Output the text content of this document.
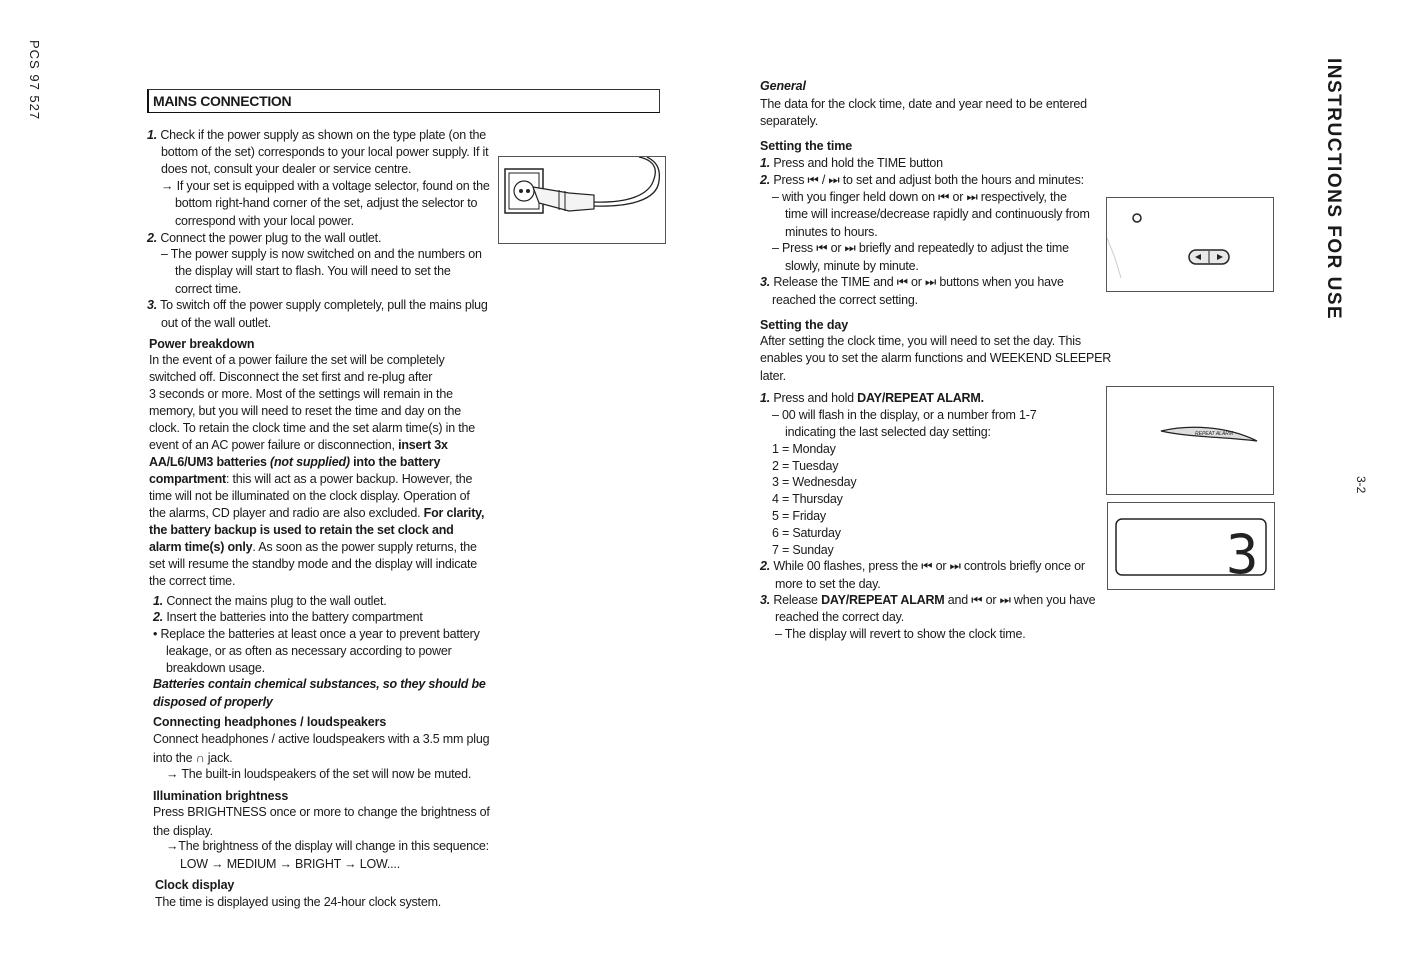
PCS 97 527	INSTRUCTIONS FOR USE
3-2
MAINS CONNECTION
1. Check if the power supply as shown on the type plate (on the
bottom of the set) corresponds to your local power supply. If it
does not, consult your dealer or service centre.
→ If your set is equipped with a voltage selector, found on the
bottom right-hand corner of the set, adjust the selector to
correspond with your local power.
2. Connect the power plug to the wall outlet.
– The power supply is now switched on and the numbers on
the display will start to flash. You will need to set the
correct time.
3. To switch off the power supply completely, pull the mains plug
out of the wall outlet.
Power breakdown
In the event of a power failure the set will be completely
switched off. Disconnect the set first and re-plug after
3 seconds or more. Most of the settings will remain in the
memory, but you will need to reset the time and day on the
clock. To retain the clock time and the set alarm time(s) in the
event of an AC power failure or disconnection, insert 3x
AA/L6/UM3 batteries (not supplied) into the battery
compartment: this will act as a power backup. However, the
time will not be illuminated on the clock display. Operation of
the alarms, CD player and radio are also excluded. For clarity,
the battery backup is used to retain the set clock and
alarm time(s) only. As soon as the power supply returns, the
set will resume the standby mode and the display will indicate
the correct time.
1. Connect the mains plug to the wall outlet.
2. Insert the batteries into the battery compartment
• Replace the batteries at least once a year to prevent battery
leakage, or as often as necessary according to power
breakdown usage.
Batteries contain chemical substances, so they should be
disposed of properly
Connecting headphones / loudspeakers
Connect headphones / active loudspeakers with a 3.5 mm plug
into the ∩ jack.
→ The built-in loudspeakers of the set will now be muted.
Illumination brightness
Press BRIGHTNESS once or more to change the brightness of
the display.
→The brightness of the display will change in this sequence:
LOW → MEDIUM → BRIGHT → LOW....
Clock display
The time is displayed using the 24-hour clock system.
General
The data for the clock time, date and year need to be entered
separately.
Setting the time
1. Press and hold the TIME button
2. Press ⏮ / ⏭ to set and adjust both the hours and minutes:
– with you finger held down on ⏮ or ⏭ respectively, the
time will increase/decrease rapidly and continuously from
minutes to hours.
– Press ⏮ or ⏭ briefly and repeatedly to adjust the time
slowly, minute by minute.
3. Release the TIME and ⏮ or ⏭ buttons when you have
reached the correct setting.
Setting the day
After setting the clock time, you will need to set the day. This
enables you to set the alarm functions and WEEKEND SLEEPER
later.
1. Press and hold DAY/REPEAT ALARM.
– 00 will flash in the display, or a number from 1-7
indicating the last selected day setting:
1 = Monday
2 = Tuesday
3 = Wednesday
4 = Thursday
5 = Friday
6 = Saturday
7 = Sunday
2. While 00 flashes, press the ⏮ or ⏭ controls briefly once or
more to set the day.
3. Release DAY/REPEAT ALARM and ⏮ or ⏭ when you have
reached the correct day.
– The display will revert to show the clock time.
REPEAT ALARM
3
